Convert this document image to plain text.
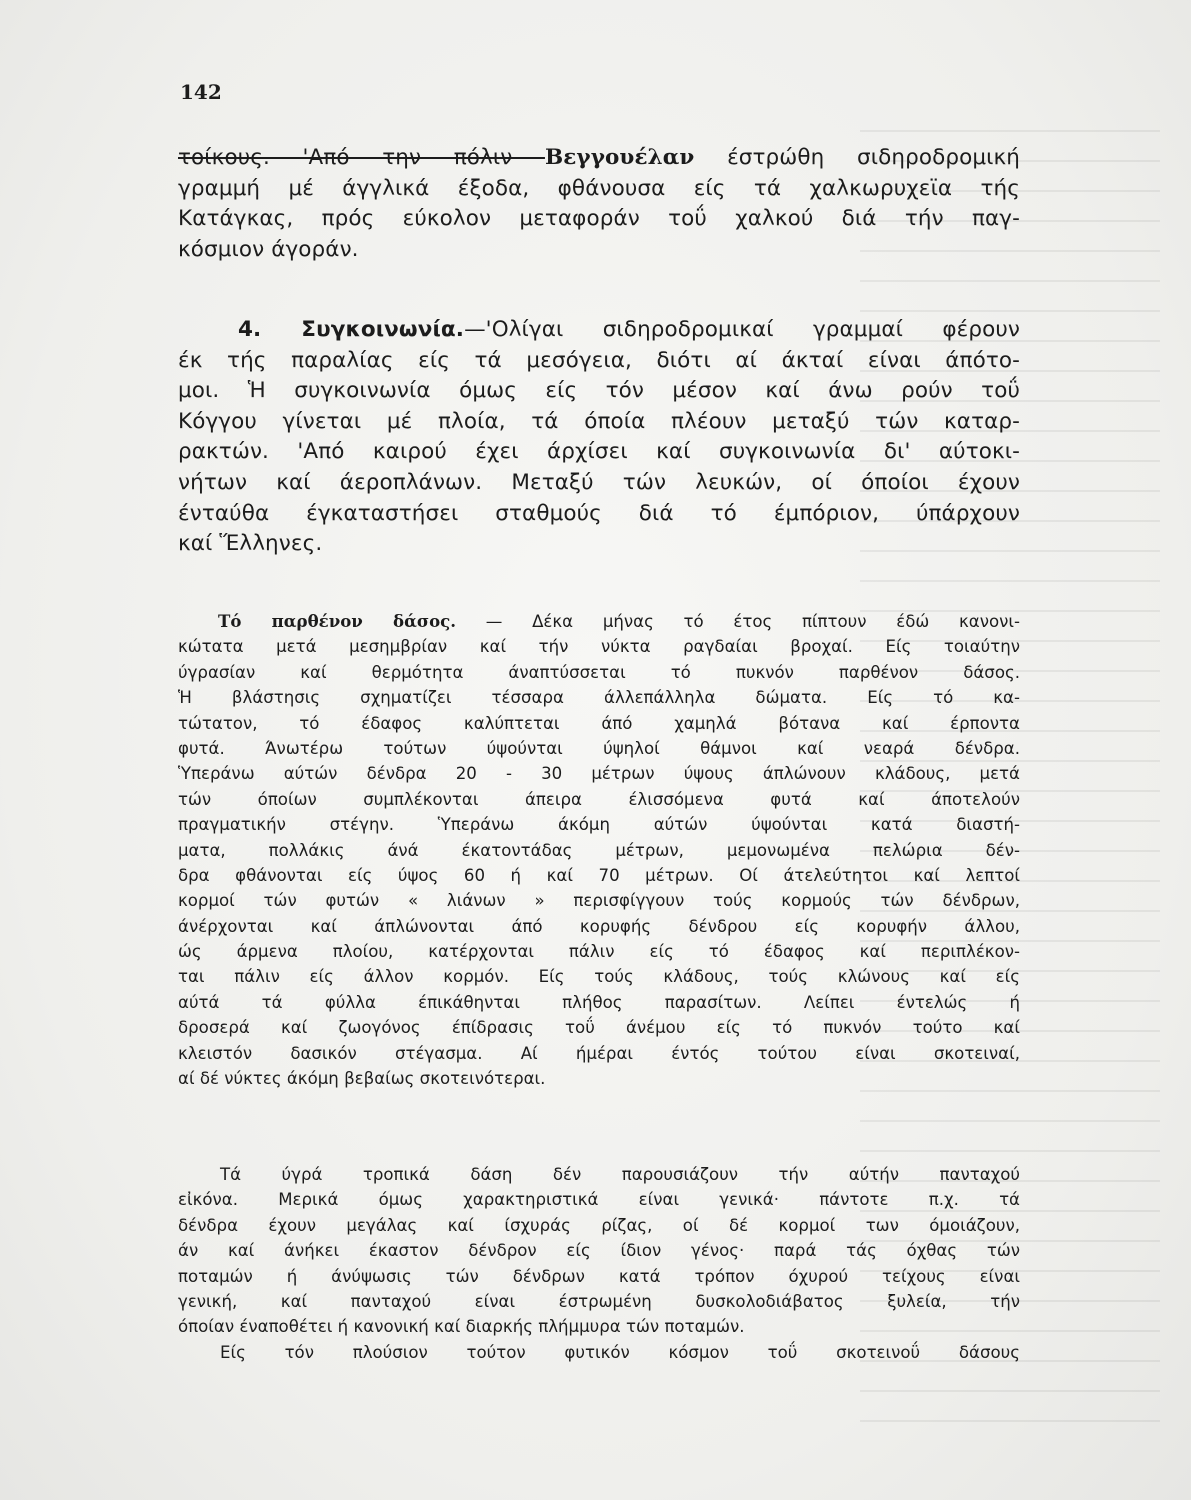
142
τοίκους. 'Από την πόλιν Βεγγουέλαν έστρώθη σιδηροδρομική
γραμμή μέ άγγλικά έξοδα, φθάνουσα είς τά χαλκωρυχεϊα τής
Κατάγκας, πρός εύκολον μεταφοράν τοΰ χαλκού διά τήν παγ-
κόσμιον άγοράν.
4. Συγκοινωνία.—'Ολίγαι σιδηροδρομικαί γραμμαί φέρουν
έκ τής παραλίας είς τά μεσόγεια, διότι αί άκταί είναι άπότο-
μοι. Ἡ συγκοινωνία όμως είς τόν μέσον καί άνω ρούν τοΰ
Κόγγου γίνεται μέ πλοία, τά όποία πλέουν μεταξύ τών καταρ-
ρακτών. 'Από καιρού έχει άρχίσει καί συγκοινωνία δι' αύτοκι-
νήτων καί άεροπλάνων. Μεταξύ τών λευκών, οί όποίοι έχουν
ένταύθα έγκαταστήσει σταθμούς διά τό έμπόριον, ύπάρχουν
καί Ἕλληνες.
Τό παρθένον δάσος. — Δέκα μήνας τό έτος πίπτουν έδώ κανονι-
κώτατα μετά μεσημβρίαν καί τήν νύκτα ραγδαίαι βροχαί. Είς τοιαύτην
ύγρασίαν καί θερμότητα άναπτύσσεται τό πυκνόν παρθένον δάσος.
Ἡ βλάστησις σχηματίζει τέσσαρα άλλεπάλληλα δώματα. Είς τό κα-
τώτατον, τό έδαφος καλύπτεται άπό χαμηλά βότανα καί έρποντα
φυτά. Άνωτέρω τούτων ύψούνται ύψηλοί θάμνοι καί νεαρά δένδρα.
Ὑπεράνω αύτών δένδρα 20 - 30 μέτρων ύψους άπλώνουν κλάδους, μετά
τών όποίων συμπλέκονται άπειρα έλισσόμενα φυτά καί άποτελούν
πραγματικήν στέγην. Ὑπεράνω άκόμη αύτών ύψούνται κατά διαστή-
ματα, πολλάκις άνά έκατοντάδας μέτρων, μεμονωμένα πελώρια δέν-
δρα φθάνονται είς ύψος 60 ή καί 70 μέτρων. Οί άτελεύτητοι καί λεπτοί
κορμοί τών φυτών « λιάνων » περισφίγγουν τούς κορμούς τών δένδρων,
άνέρχονται καί άπλώνονται άπό κορυφής δένδρου είς κορυφήν άλλου,
ώς άρμενα πλοίου, κατέρχονται πάλιν είς τό έδαφος καί περιπλέκον-
ται πάλιν είς άλλον κορμόν. Είς τούς κλάδους, τούς κλώνους καί είς
αύτά τά φύλλα έπικάθηνται πλήθος παρασίτων. Λείπει έντελώς ή
δροσερά καί ζωογόνος έπίδρασις τοΰ άνέμου είς τό πυκνόν τούτο καί
κλειστόν δασικόν στέγασμα. Αί ήμέραι έντός τούτου είναι σκοτειναί,
αί δέ νύκτες άκόμη βεβαίως σκοτεινότεραι.
Τά ύγρά τροπικά δάση δέν παρουσιάζουν τήν αύτήν πανταχού
εἰκόνα. Μερικά όμως χαρακτηριστικά είναι γενικά· πάντοτε π.χ. τά
δένδρα έχουν μεγάλας καί ίσχυράς ρίζας, οί δέ κορμοί των όμοιάζουν,
άν καί άνήκει έκαστον δένδρον είς ίδιον γένος· παρά τάς όχθας τών
ποταμών ή άνύψωσις τών δένδρων κατά τρόπον όχυρού τείχους είναι
γενική, καί πανταχού είναι έστρωμένη δυσκολοδιάβατος ξυλεία, τήν
όποίαν έναποθέτει ή κανονική καί διαρκής πλήμμυρα τών ποταμών.
Είς τόν πλούσιον τούτον φυτικόν κόσμον τοΰ σκοτεινοΰ δάσους
